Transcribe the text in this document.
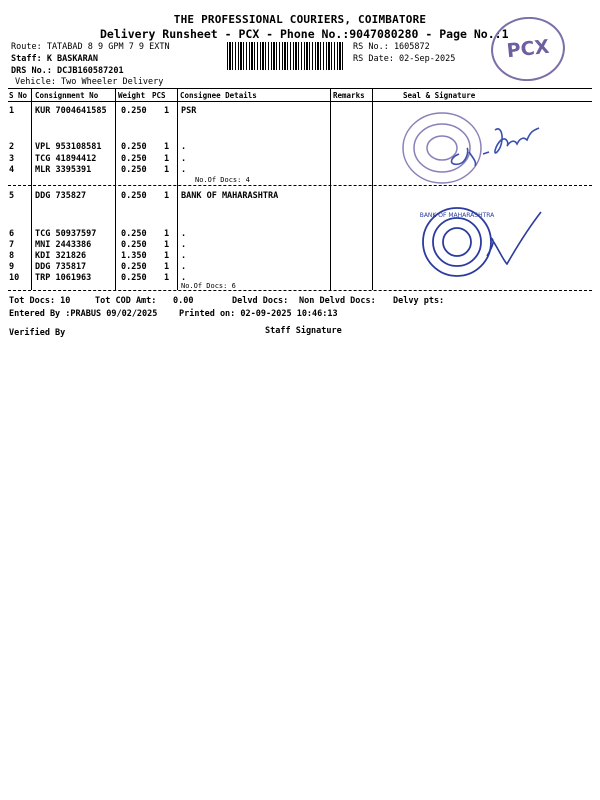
THE PROFESSIONAL COURIERS, COIMBATORE
Delivery Runsheet - PCX - Phone No.:9047080280 - Page No.:1
Route: TATABAD 8 9 GPM 7 9 EXTN
Staff: K BASKARAN
DRS No.: DCJB160587201
Vehicle: Two Wheeler Delivery
RS No.: 1605872
RS Date: 02-Sep-2025	PCX
S No Consignment No	Weight PCS Consignee Details	Remarks	Seal & Signature
1 KUR 7004641585 0.250 1 PSR
2 VPL 953108581 0.250 1 .
3 TCG 41894412	0.250 1 .
4 MLR 3395391	0.250 1 .
No.Of Docs: 4
5 DDG 735827	0.250 1 BANK OF MAHARASHTRA
6 TCG 50937597	0.250 1 .
7 MNI 2443386	0.250 1 .
8 KDI 321826	1.350 1 .
9 DDG 735817	0.250 1 .
10 TRP 1061963	0.250 1 .
No.Of Docs: 6
BANK OF MAHARASHTRA
Tot Docs: 10	Tot COD Amt: 0.00	Delvd Docs: Non Delvd Docs: Delvy pts:
Entered By :PRABUS 09/02/2025	Printed on: 02-09-2025 10:46:13
Verified By	Staff Signature
